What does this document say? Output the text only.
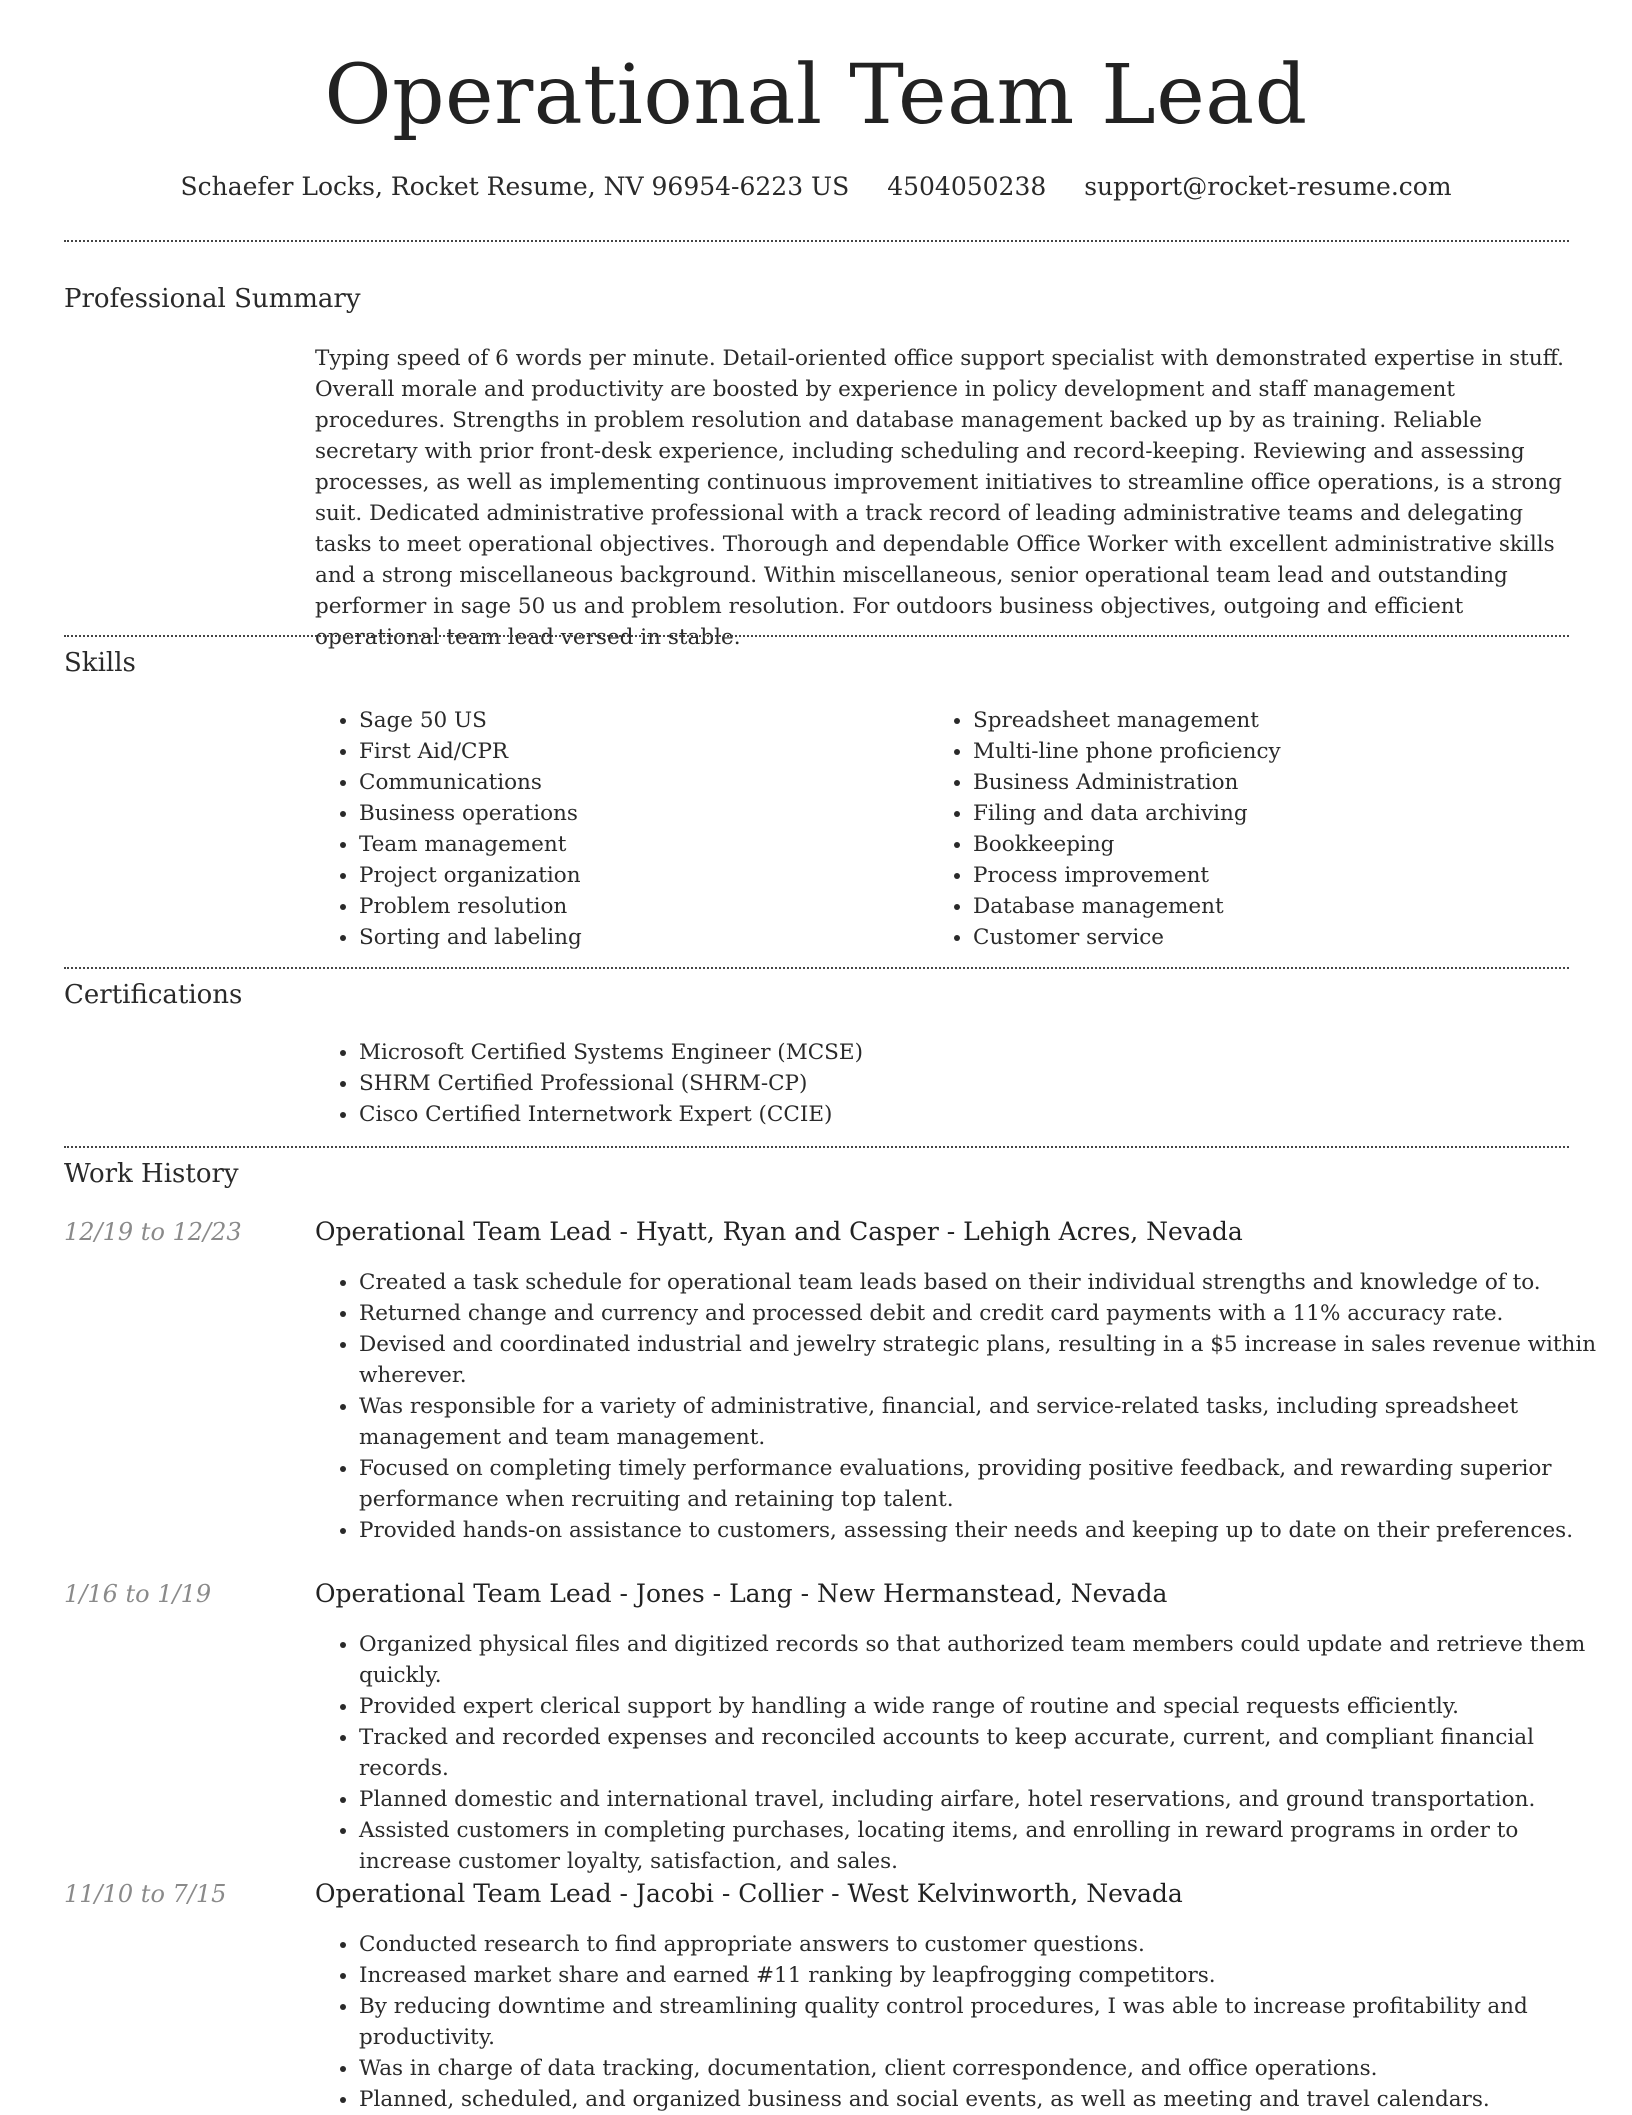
Operational Team Lead
Schaefer Locks, Rocket Resume, NV 96954-6223 US 4504050238 support@rocket-resume.com
Professional Summary

Typing speed of 6 words per minute. Detail-oriented office support specialist with demonstrated expertise in stuff. Overall morale and productivity are boosted by experience in policy development and staff management procedures. Strengths in problem resolution and database management backed up by as training. Reliable secretary with prior front-desk experience, including scheduling and record-keeping. Reviewing and assessing processes, as well as implementing continuous improvement initiatives to streamline office operations, is a strong suit. Dedicated administrative professional with a track record of leading administrative teams and delegating tasks to meet operational objectives. Thorough and dependable Office Worker with excellent administrative skills and a strong miscellaneous background. Within miscellaneous, senior operational team lead and outstanding performer in sage 50 us and problem resolution. For outdoors business objectives, outgoing and efficient operational team lead versed in stable.

Skills
• Sage 50 US
• First Aid/CPR
• Communications
• Business operations
• Team management
• Project organization
• Problem resolution
• Sorting and labeling
• Spreadsheet management
• Multi-line phone proficiency
• Business Administration
• Filing and data archiving
• Bookkeeping
• Process improvement
• Database management
• Customer service
Certifications
• Microsoft Certified Systems Engineer (MCSE)
• SHRM Certified Professional (SHRM-CP)
• Cisco Certified Internetwork Expert (CCIE)
Work History
12/19 to 12/23	Operational Team Lead - Hyatt, Ryan and Casper - Lehigh Acres, Nevada
• Created a task schedule for operational team leads based on their individual strengths and knowledge of to.
• Returned change and currency and processed debit and credit card payments with a 11% accuracy rate.
• Devised and coordinated industrial and jewelry strategic plans, resulting in a $5 increase in sales revenue within wherever.
• Was responsible for a variety of administrative, financial, and service-related tasks, including spreadsheet management and team management.
• Focused on completing timely performance evaluations, providing positive feedback, and rewarding superior performance when recruiting and retaining top talent.
• Provided hands-on assistance to customers, assessing their needs and keeping up to date on their preferences.
1/16 to 1/19	Operational Team Lead - Jones - Lang - New Hermanstead, Nevada
• Organized physical files and digitized records so that authorized team members could update and retrieve them quickly.
• Provided expert clerical support by handling a wide range of routine and special requests efficiently.
• Tracked and recorded expenses and reconciled accounts to keep accurate, current, and compliant financial records.
• Planned domestic and international travel, including airfare, hotel reservations, and ground transportation.
• Assisted customers in completing purchases, locating items, and enrolling in reward programs in order to increase customer loyalty, satisfaction, and sales.
11/10 to 7/15	Operational Team Lead - Jacobi - Collier - West Kelvinworth, Nevada
• Conducted research to find appropriate answers to customer questions.
• Increased market share and earned #11 ranking by leapfrogging competitors.
• By reducing downtime and streamlining quality control procedures, I was able to increase profitability and productivity.
• Was in charge of data tracking, documentation, client correspondence, and office operations.
• Planned, scheduled, and organized business and social events, as well as meeting and travel calendars.
